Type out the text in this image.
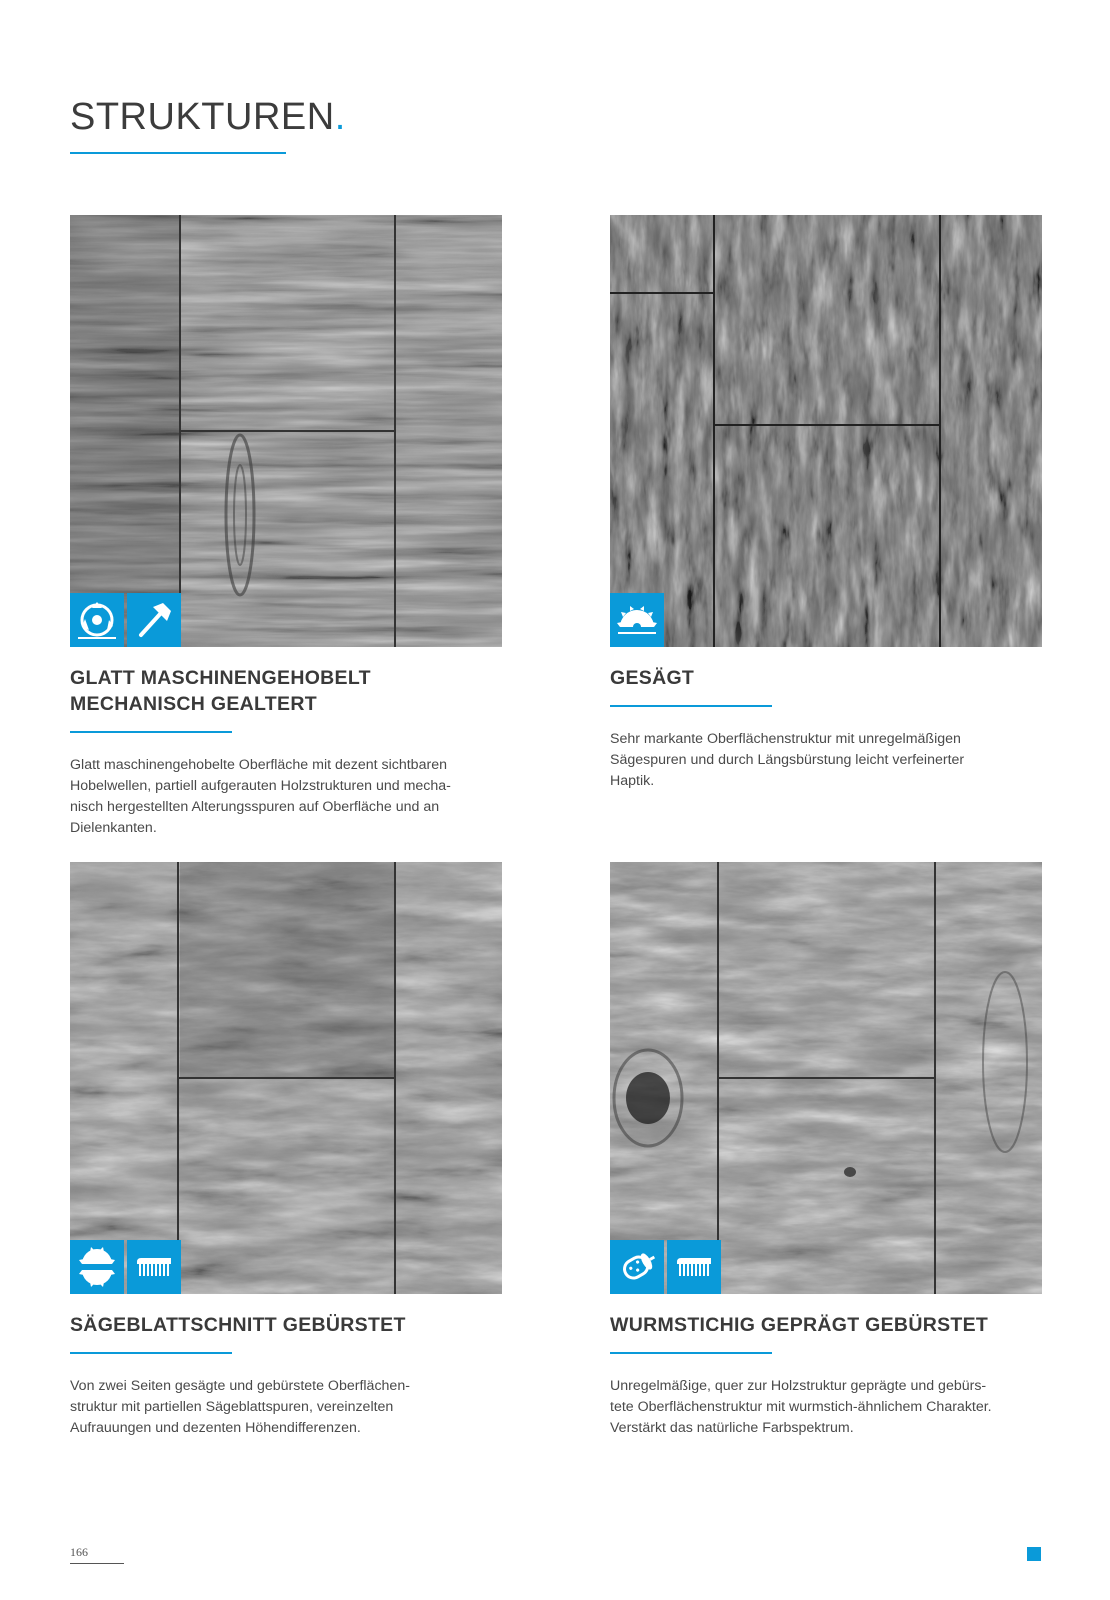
STRUKTUREN.
GLATT MASCHINENGEHOBELT
MECHANISCH GEALTERT

Glatt maschinengehobelte Oberfläche mit dezent sichtbaren
Hobelwellen, partiell aufgerauten Holzstrukturen und mecha-
nisch hergestellten Alterungsspuren auf Oberfläche und an
Dielenkanten.

GESÄGT

Sehr markante Oberflächenstruktur mit unregelmäßigen
Sägespuren und durch Längsbürstung leicht verfeinerter
Haptik.

SÄGEBLATTSCHNITT GEBÜRSTET

Von zwei Seiten gesägte und gebürstete Oberflächen-
struktur mit partiellen Sägeblattspuren, vereinzelten
Aufrauungen und dezenten Höhendifferenzen.

WURMSTICHIG GEPRÄGT GEBÜRSTET

Unregelmäßige, quer zur Holzstruktur geprägte und gebürs-
tete Oberflächenstruktur mit wurmstich-ähnlichem Charakter.
Verstärkt das natürliche Farbspektrum.

166
